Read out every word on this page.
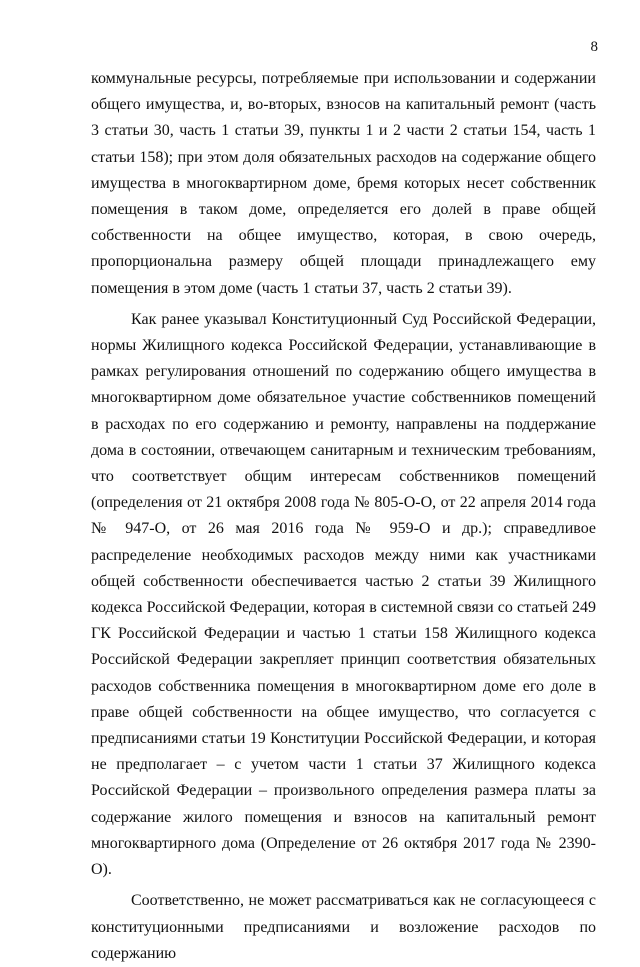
8

коммунальные ресурсы, потребляемые при использовании и содержании общего имущества, и, во-вторых, взносов на капитальный ремонт (часть 3 статьи 30, часть 1 статьи 39, пункты 1 и 2 части 2 статьи 154, часть 1 статьи 158); при этом доля обязательных расходов на содержание общего имущества в многоквартирном доме, бремя которых несет собственник помещения в таком доме, определяется его долей в праве общей собственности на общее имущество, которая, в свою очередь, пропорциональна размеру общей площади принадлежащего ему помещения в этом доме (часть 1 статьи 37, часть 2 статьи 39).

Как ранее указывал Конституционный Суд Российской Федерации, нормы Жилищного кодекса Российской Федерации, устанавливающие в рамках регулирования отношений по содержанию общего имущества в многоквартирном доме обязательное участие собственников помещений в расходах по его содержанию и ремонту, направлены на поддержание дома в состоянии, отвечающем санитарным и техническим требованиям, что соответствует общим интересам собственников помещений (определения от 21 октября 2008 года № 805-О-О, от 22 апреля 2014 года № 947-О, от 26 мая 2016 года № 959-О и др.); справедливое распределение необходимых расходов между ними как участниками общей собственности обеспечивается частью 2 статьи 39 Жилищного кодекса Российской Федерации, которая в системной связи со статьей 249 ГК Российской Федерации и частью 1 статьи 158 Жилищного кодекса Российской Федерации закрепляет принцип соответствия обязательных расходов собственника помещения в многоквартирном доме его доле в праве общей собственности на общее имущество, что согласуется с предписаниями статьи 19 Конституции Российской Федерации, и которая не предполагает – с учетом части 1 статьи 37 Жилищного кодекса Российской Федерации – произвольного определения размера платы за содержание жилого помещения и взносов на капитальный ремонт многоквартирного дома (Определение от 26 октября 2017 года № 2390-О).

Соответственно, не может рассматриваться как не согласующееся с конституционными предписаниями и возложение расходов по содержанию
